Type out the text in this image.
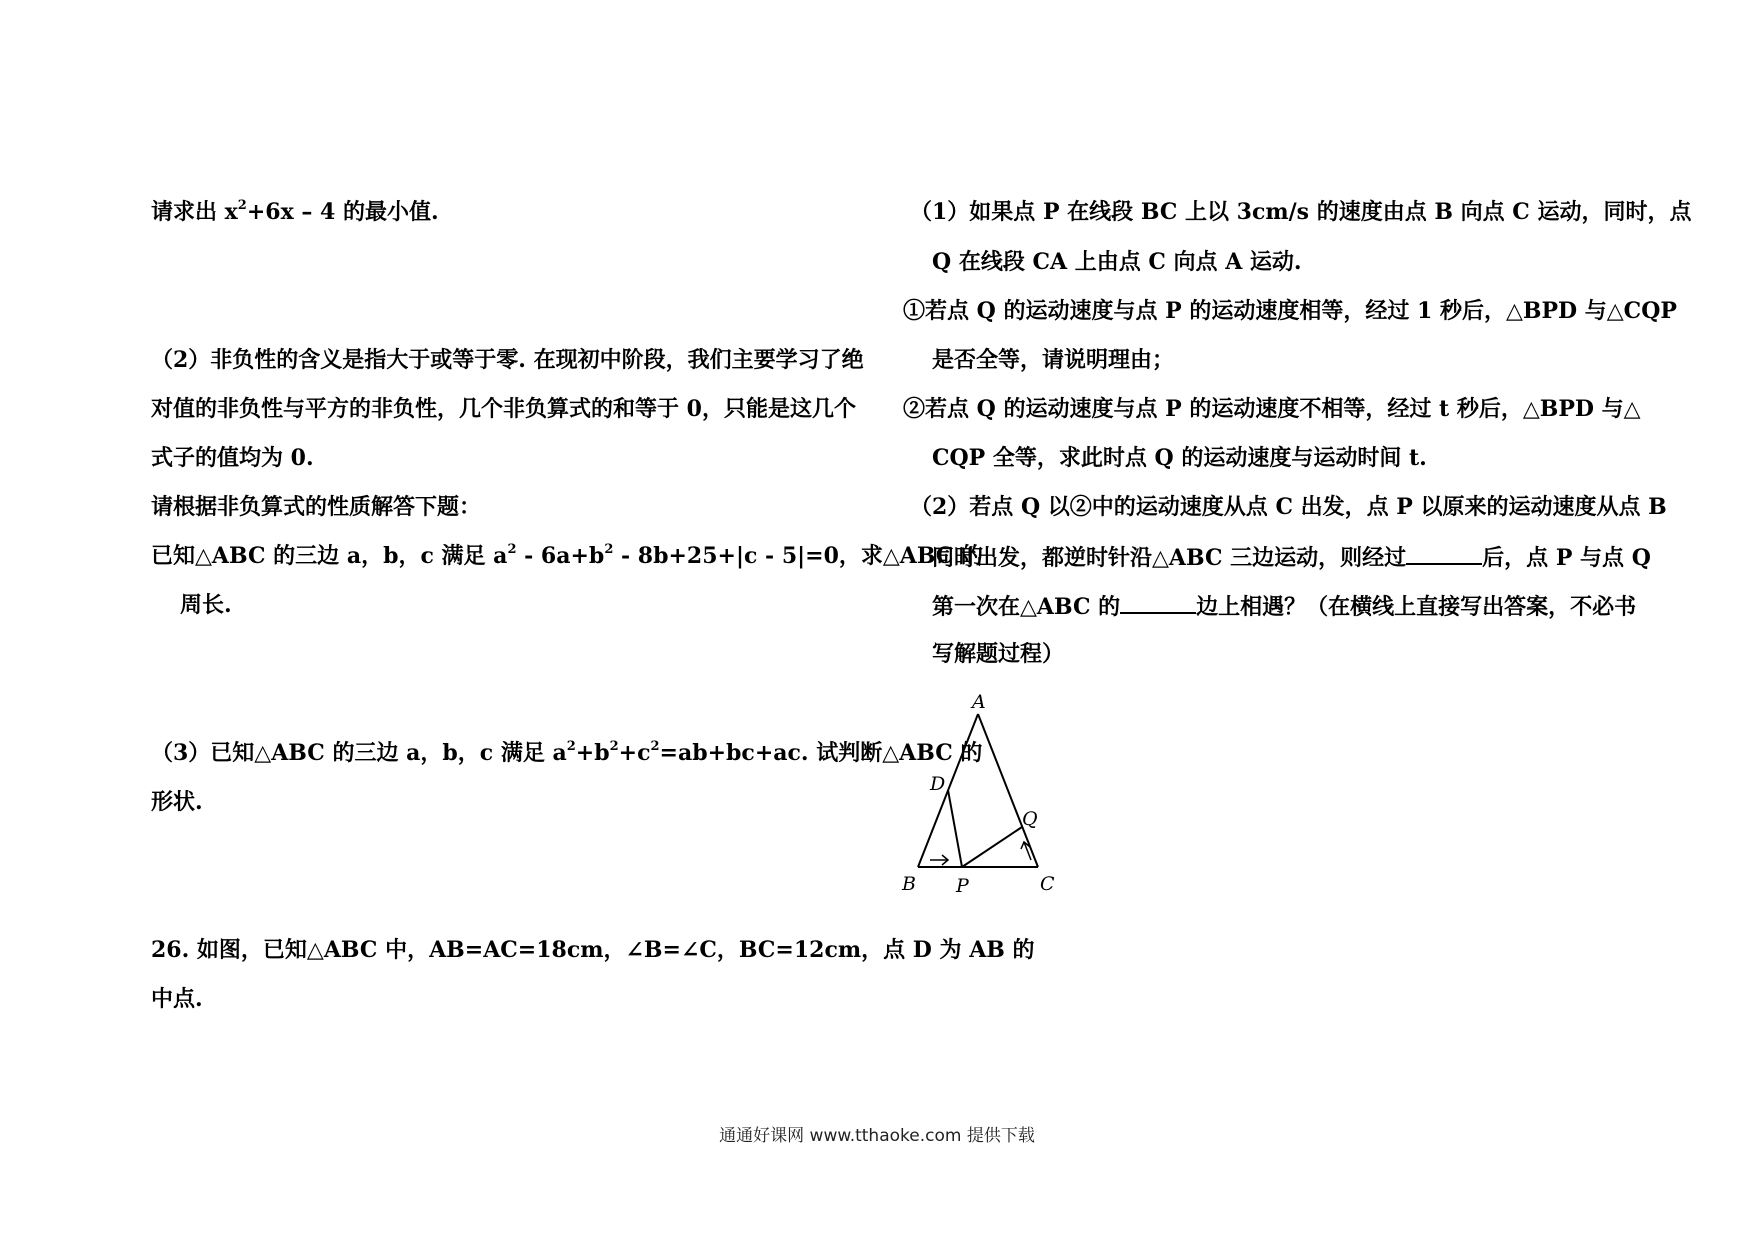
请求出 $x^2+6x - 4$ 的最小值.
（2）非负性的含义是指大于或等于零. 在现初中阶段，我们主要学习了绝
对值的非负性与平方的非负性，几个非负算式的和等于 0，只能是这几个
式子的值均为 0.
请根据非负算式的性质解答下题：
已知△ABC 的三边 a，b，c 满足 $a^2 - 6a+b^2 - 8b+25+|c - 5|=0$，求△ABC 的
周长.
（3）已知△ABC 的三边 a，b，c 满足 $a^2+b^2+c^2=ab+bc+ac$. 试判断△ABC 的
形状.
26. 如图，已知△ABC 中，AB=AC=18cm，∠B=∠C，BC=12cm，点 D 为 AB 的
中点.
（1）如果点 P 在线段 BC 上以 3cm/s 的速度由点 B 向点 C 运动，同时，点
Q 在线段 CA 上由点 C 向点 A 运动.
①若点 Q 的运动速度与点 P 的运动速度相等，经过 1 秒后，△BPD 与△CQP
是否全等，请说明理由；
②若点 Q 的运动速度与点 P 的运动速度不相等，经过 t 秒后，△BPD 与△
CQP 全等，求此时点 Q 的运动速度与运动时间 t.
（2）若点 Q 以②中的运动速度从点 C 出发，点 P 以原来的运动速度从点 B
同时出发，都逆时针沿△ABC 三边运动，则经过	后，点 P 与点 Q
第一次在△ABC 的	边上相遇？（在横线上直接写出答案，不必书
写解题过程）
A
B	C
D
P
Q
通通好课网 www.tthaoke.com 提供下载
